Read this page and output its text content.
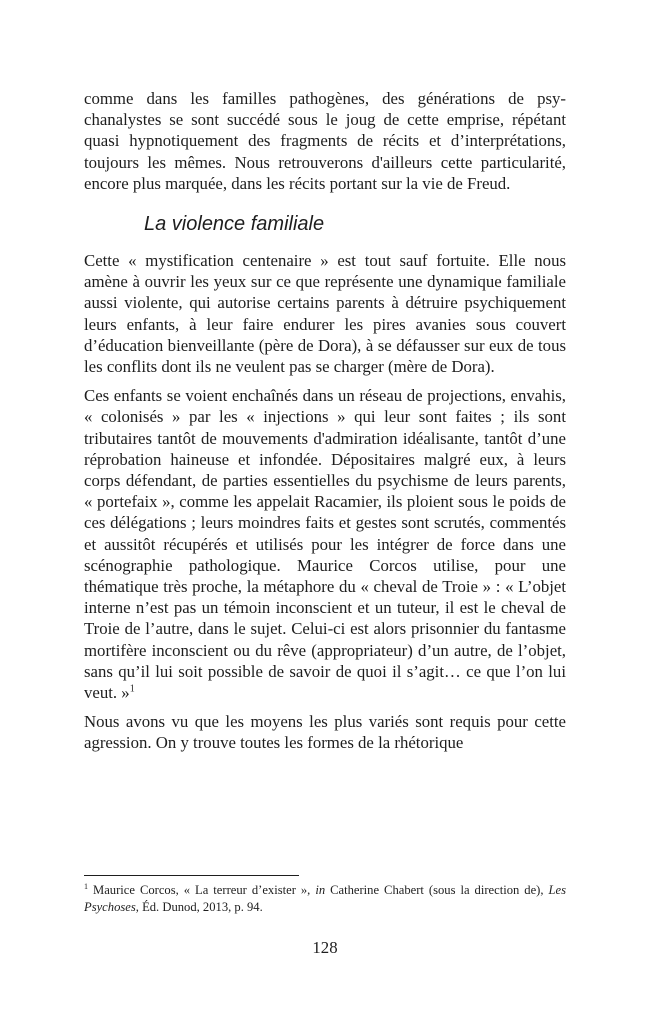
comme dans les familles pathogènes, des générations de psychanalystes se sont succédé sous le joug de cette emprise, répétant quasi hypnotiquement des fragments de récits et d’interprétations, toujours les mêmes. Nous retrouverons d'ailleurs cette particularité, encore plus marquée, dans les récits portant sur la vie de Freud.

La violence familiale

Cette « mystification centenaire » est tout sauf fortuite. Elle nous amène à ouvrir les yeux sur ce que représente une dynamique familiale aussi violente, qui autorise certains parents à détruire psychiquement leurs enfants, à leur faire endurer les pires avanies sous couvert d’éducation bienveillante (père de Dora), à se défausser sur eux de tous les conflits dont ils ne veulent pas se charger (mère de Dora).

Ces enfants se voient enchaînés dans un réseau de projections, envahis, « colonisés » par les « injections » qui leur sont faites ; ils sont tributaires tantôt de mouvements d'admiration idéalisante, tantôt d’une réprobation haineuse et infondée. Dépositaires malgré eux, à leurs corps défendant, de parties essentielles du psychisme de leurs parents, « portefaix », comme les appelait Racamier, ils ploient sous le poids de ces délégations ; leurs moindres faits et gestes sont scrutés, commentés et aussitôt récupérés et utilisés pour les intégrer de force dans une scénographie pathologique. Maurice Corcos utilise, pour une thématique très proche, la métaphore du « cheval de Troie » : « L’objet interne n’est pas un témoin inconscient et un tuteur, il est le cheval de Troie de l’autre, dans le sujet. Celui-ci est alors prisonnier du fantasme mortifère inconscient ou du rêve (appropriateur) d’un autre, de l’objet, sans qu’il lui soit possible de savoir de quoi il s’agit… ce que l’on lui veut. »$^1$

Nous avons vu que les moyens les plus variés sont requis pour cette agression. On y trouve toutes les formes de la rhétorique

$^1$ Maurice Corcos, « La terreur d’exister », in Catherine Chabert (sous la direction de), Les Psychoses, Éd. Dunod, 2013, p. 94.

128
